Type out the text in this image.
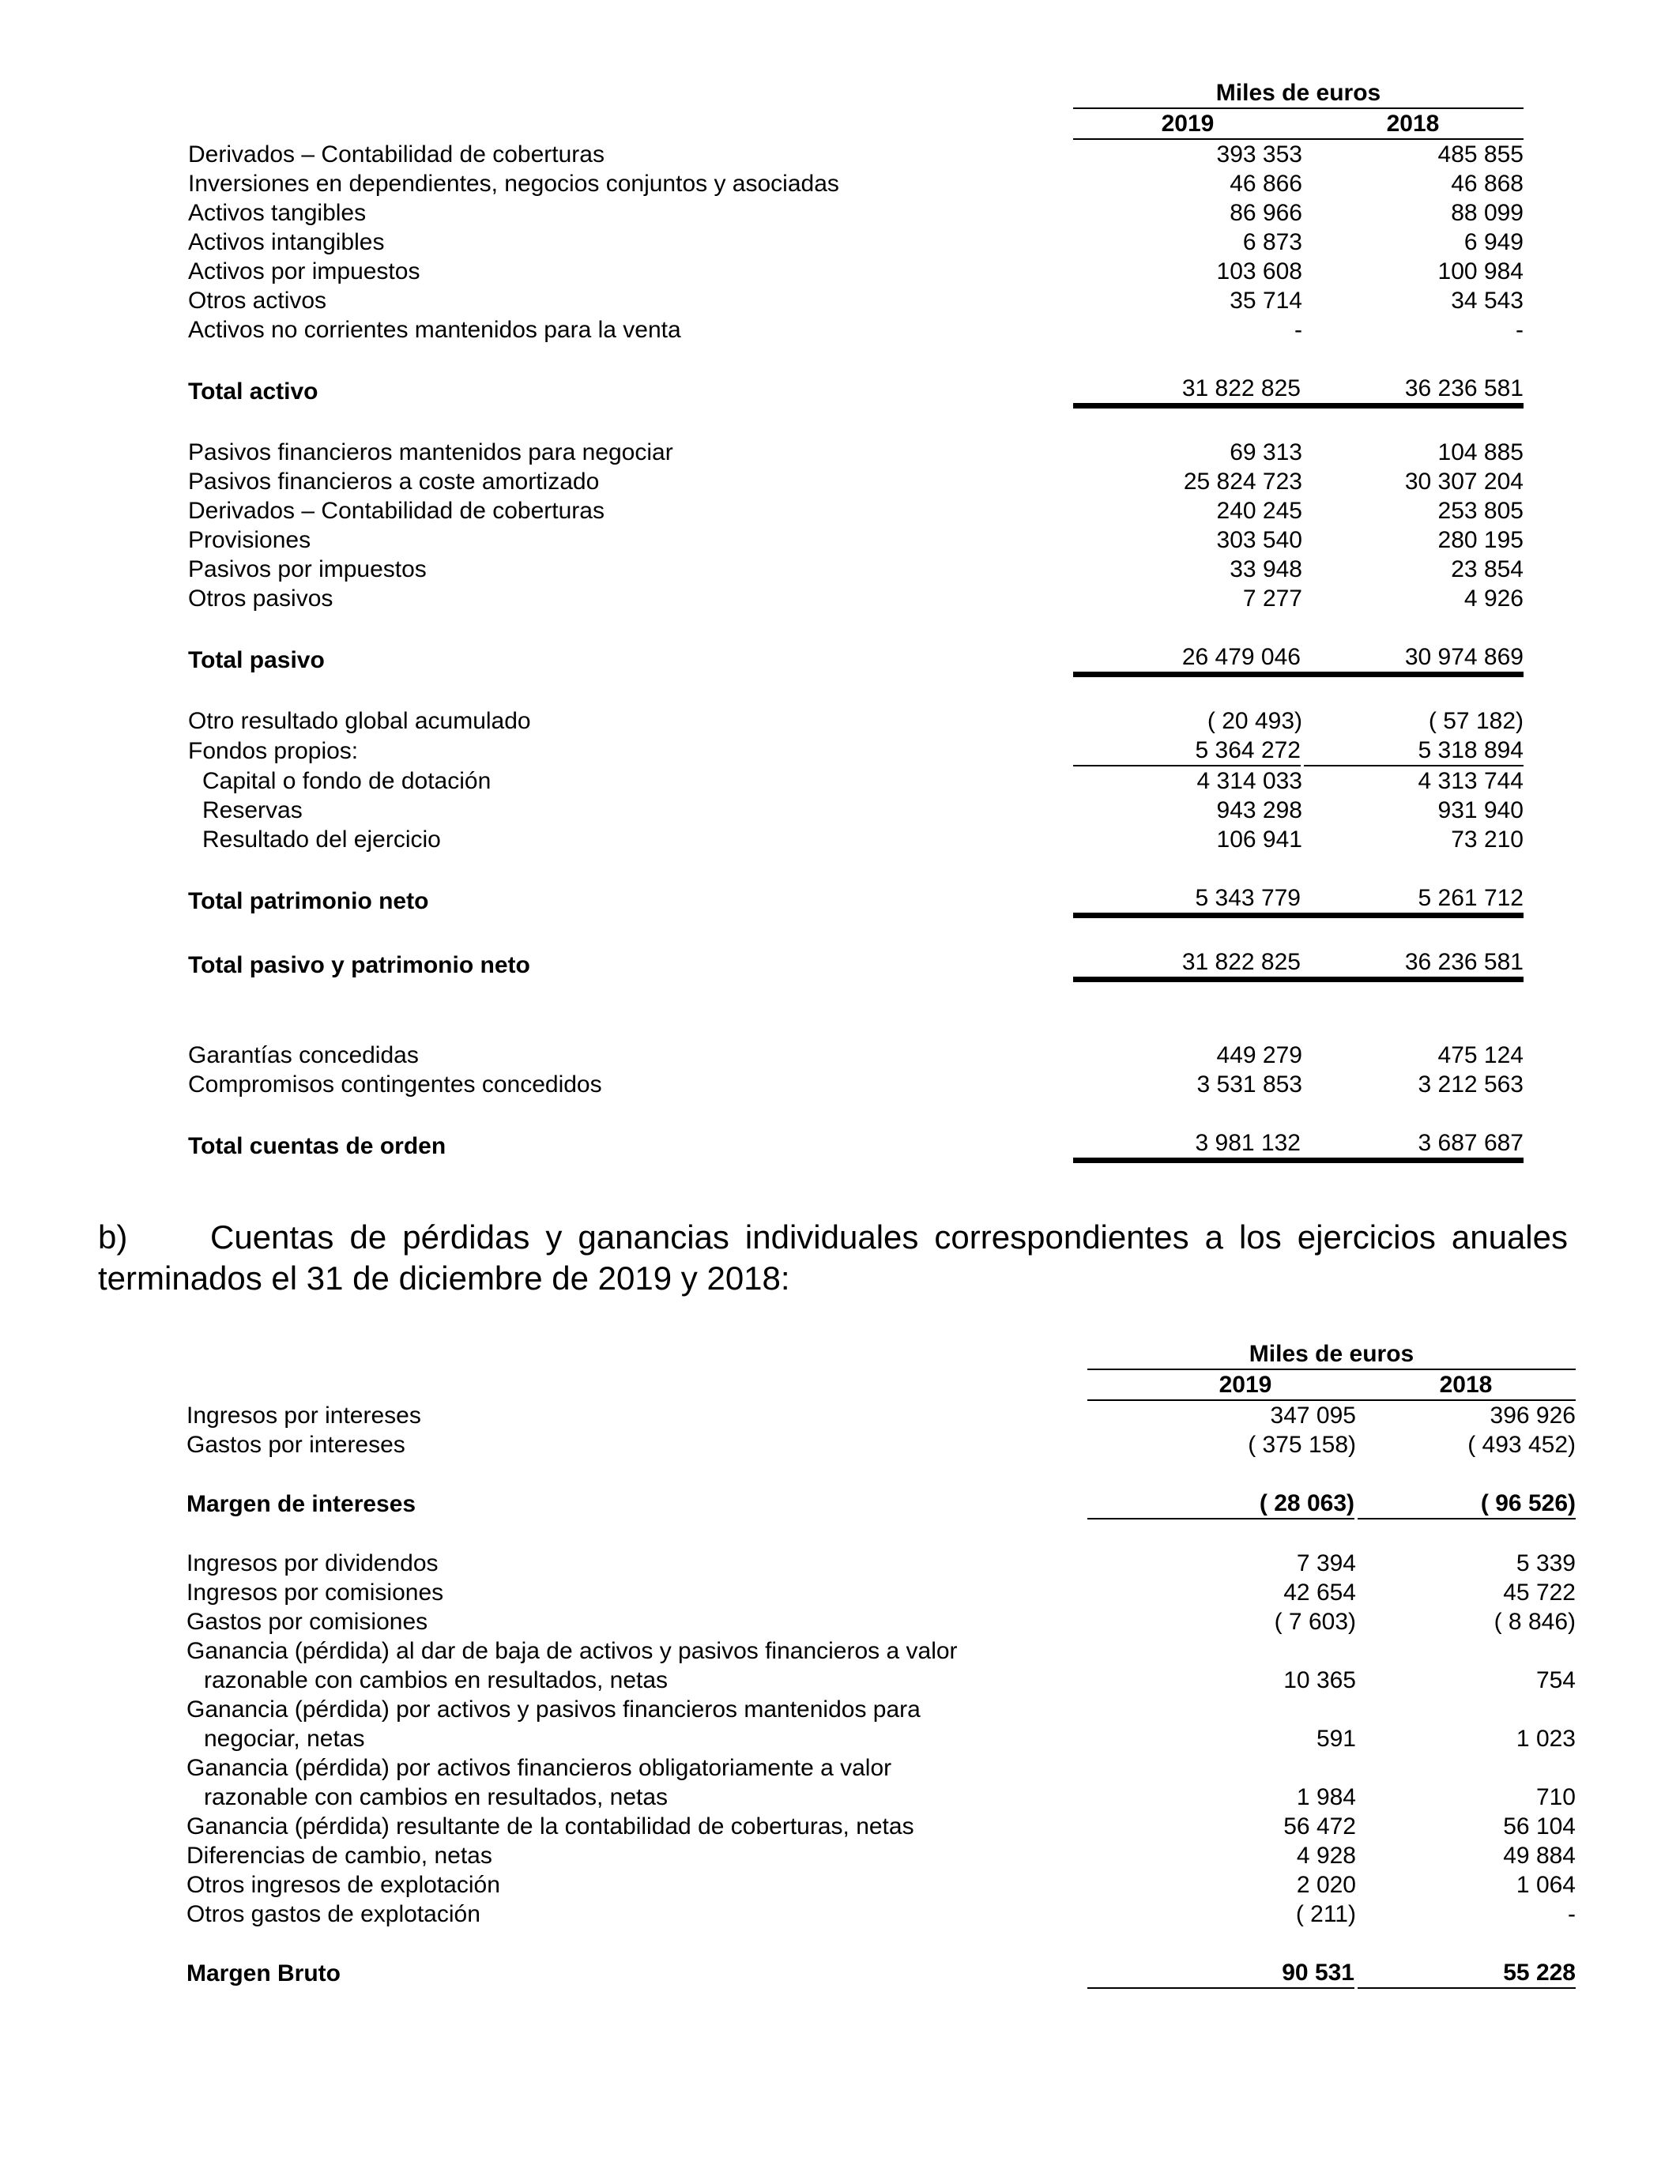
	Miles de euros	
	2019	2018
Derivados – Contabilidad de coberturas	393 353	485 855
Inversiones en dependientes, negocios conjuntos y asociadas	46 866	46 868
Activos tangibles	86 966	88 099
Activos intangibles	6 873	6 949
Activos por impuestos	103 608	100 984
Otros activos	35 714	34 543
Activos no corrientes mantenidos para la venta	-	-

Total activo	31 822 825	36 236 581

Pasivos financieros mantenidos para negociar	69 313	104 885
Pasivos financieros a coste amortizado	25 824 723	30 307 204
Derivados – Contabilidad de coberturas	240 245	253 805
Provisiones	303 540	280 195
Pasivos por impuestos	33 948	23 854
Otros pasivos	7 277	4 926

Total pasivo	26 479 046	30 974 869

Otro resultado global acumulado	( 20 493)	( 57 182)
Fondos propios:	5 364 272	5 318 894
Capital o fondo de dotación	4 314 033	4 313 744
Reservas	943 298	931 940
Resultado del ejercicio	106 941	73 210

Total patrimonio neto	5 343 779	5 261 712

Total pasivo y patrimonio neto	31 822 825	36 236 581

Garantías concedidas	449 279	475 124
Compromisos contingentes concedidos	3 531 853	3 212 563

Total cuentas de orden	3 981 132	3 687 687
b) Cuentas de pérdidas y ganancias individuales correspondientes a los ejercicios anuales terminados el 31 de diciembre de 2019 y 2018:
	Miles de euros	
	2019	2018
Ingresos por intereses	347 095	396 926
Gastos por intereses	( 375 158)	( 493 452)

Margen de intereses	( 28 063)	( 96 526)

Ingresos por dividendos	7 394	5 339
Ingresos por comisiones	42 654	45 722
Gastos por comisiones	( 7 603)	( 8 846)
Ganancia (pérdida) al dar de baja de activos y pasivos financieros a valor		
razonable con cambios en resultados, netas	10 365	754
Ganancia (pérdida) por activos y pasivos financieros mantenidos para		
negociar, netas	591	1 023
Ganancia (pérdida) por activos financieros obligatoriamente a valor		
razonable con cambios en resultados, netas	1 984	710
Ganancia (pérdida) resultante de la contabilidad de coberturas, netas	56 472	56 104
Diferencias de cambio, netas	4 928	49 884
Otros ingresos de explotación	2 020	1 064
Otros gastos de explotación	( 211)	-

Margen Bruto	90 531	55 228
